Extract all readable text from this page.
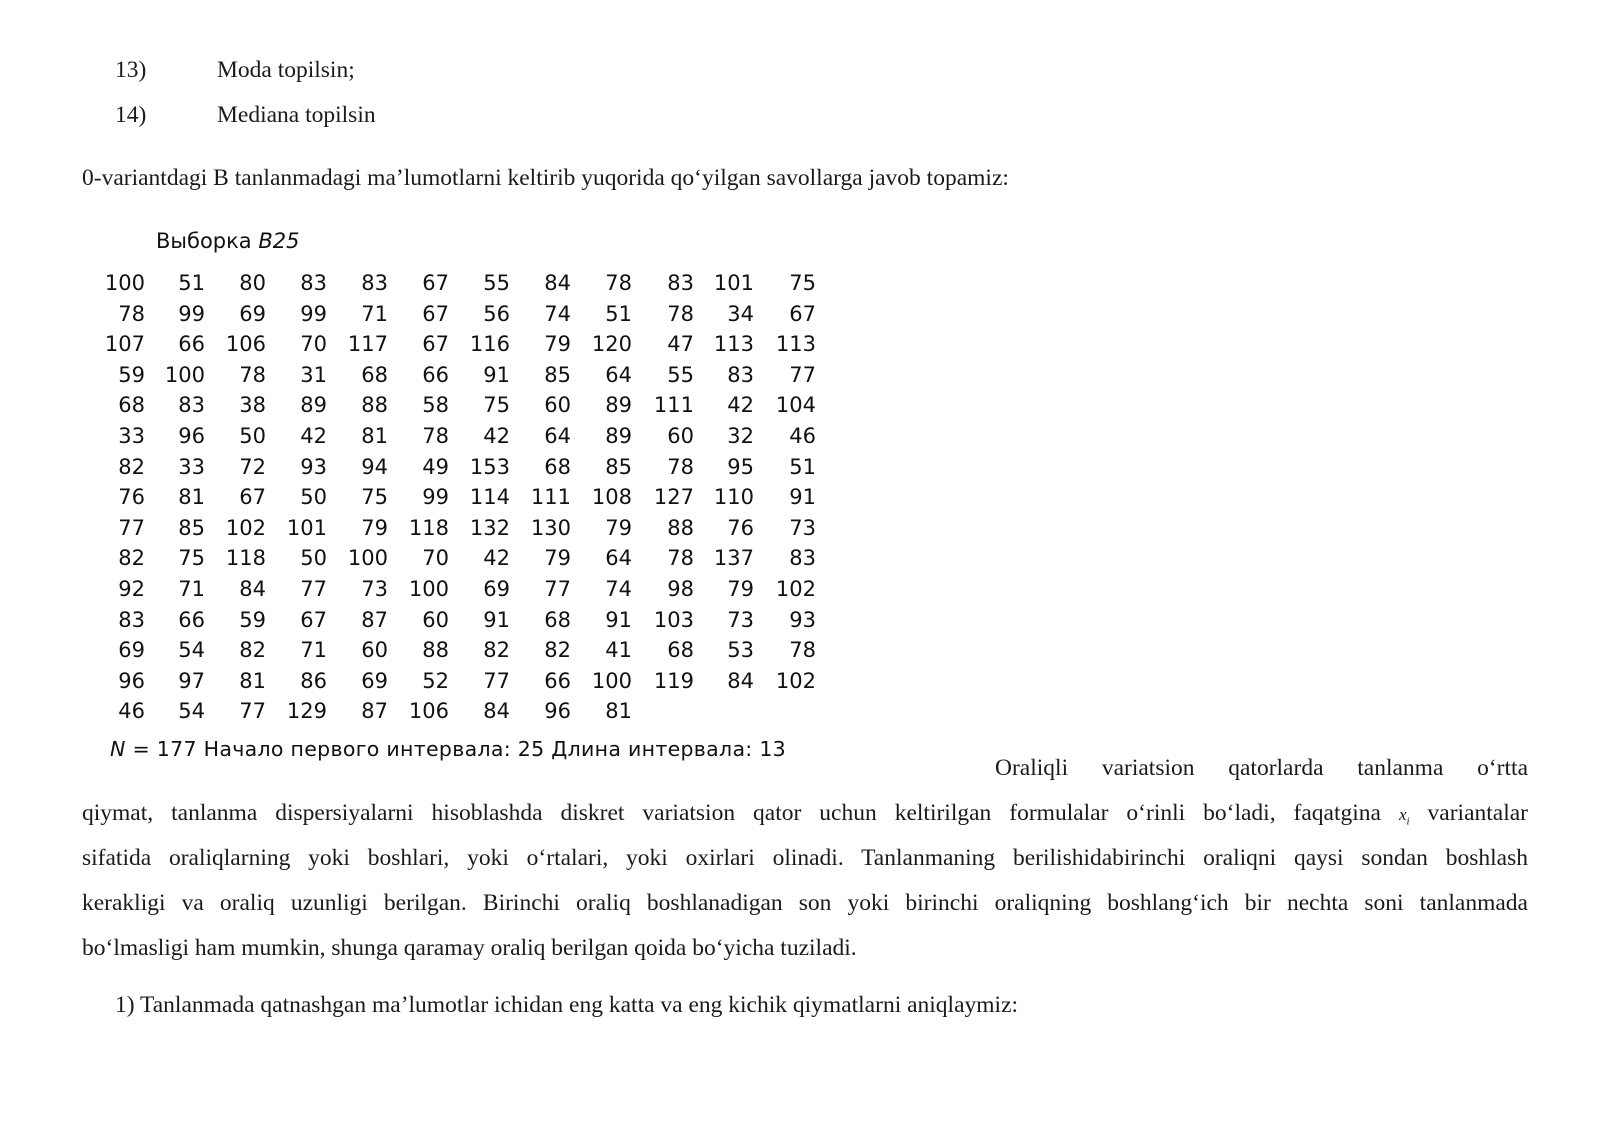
13)	Moda topilsin;
14)	Mediana topilsin
0-variantdagi B tanlanmadagi ma’lumotlarni keltirib yuqorida qo‘yilgan savollarga javob topamiz:
Выборка B25
100	51	80	83	83	67	55	84	78	83 101	75
78	99	69	99	71	67	56	74	51	78	34	67
107	66 106	70 117	67 116	79 120	47 113	113
59 100	78	31	68	66	91	85	64	55	83	77
68	83	38	89	88	58	75	60	89	111	42	104
33	96	50	42	81	78	42	64	89	60	32	46
82	33	72	93	94	49 153	68	85	78	95	51
76	81	67	50	75	99 114 111 108	127 110	91
77	85 102 101	79 118 132 130	79	88	76	73
82	75 118	50 100	70	42	79	64	78 137	83
92	71	84	77	73 100	69	77	74	98	79	102
83	66	59	67	87	60	91	68	91	103	73	93
69	54	82	71	60	88	82	82	41	68	53	78
96	97	81	86	69	52	77	66 100	119	84	102
46	54	77 129	87 106	84	96	81
N = 177 Начало первого интервала: 25 Длина интервала: 13
Oraliqli variatsion qatorlarda tanlanma o‘rtta
qiymat, tanlanma dispersiyalarni hisoblashda diskret variatsion qator uchun keltirilgan formulalar o‘rinli bo‘ladi, faqatgina $x_i$ variantalar
sifatida oraliqlarning yoki boshlari, yoki o‘rtalari, yoki oxirlari olinadi. Tanlanmaning berilishidabirinchi oraliqni qaysi sondan boshlash
kerakligi va oraliq uzunligi berilgan. Birinchi oraliq boshlanadigan son yoki birinchi oraliqning boshlang‘ich bir nechta soni tanlanmada
bo‘lmasligi ham mumkin, shunga qaramay oraliq berilgan qoida bo‘yicha tuziladi.
1) Tanlanmada qatnashgan ma’lumotlar ichidan eng katta va eng kichik qiymatlarni aniqlaymiz:
